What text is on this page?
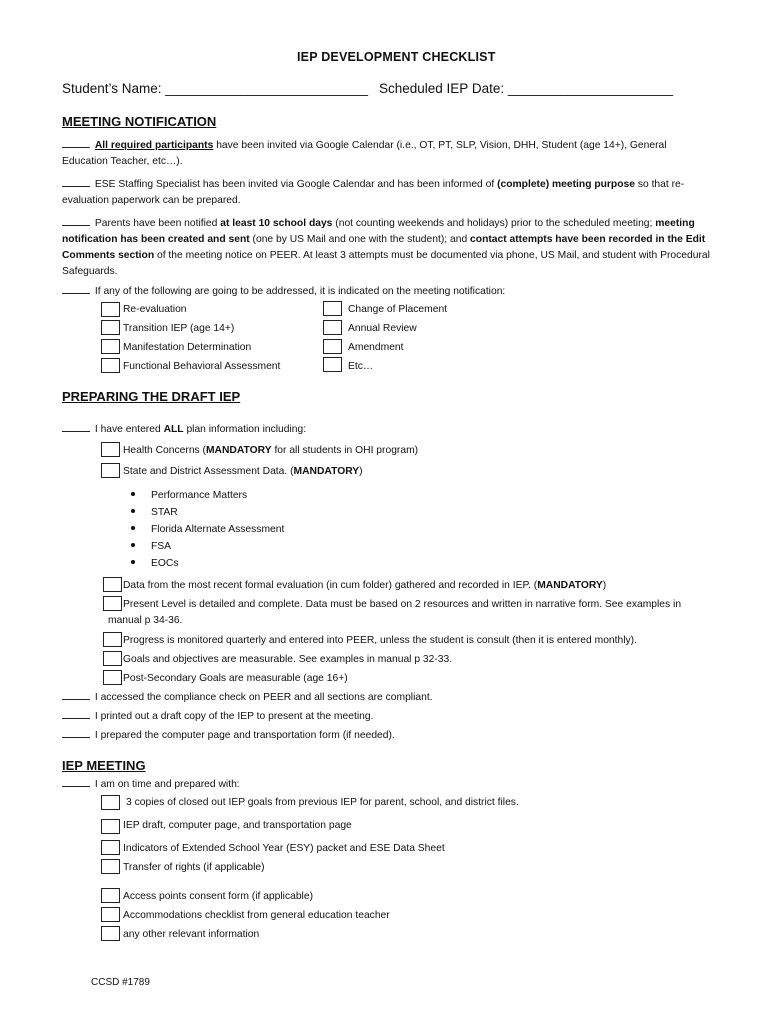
IEP DEVELOPMENT CHECKLIST
Student’s Name: ___________________________ Scheduled IEP Date: ______________________
MEETING NOTIFICATION
All required participants have been invited via Google Calendar (i.e., OT, PT, SLP, Vision, DHH, Student (age 14+), General Education Teacher, etc…).
ESE Staffing Specialist has been invited via Google Calendar and has been informed of (complete) meeting purpose so that re-evaluation paperwork can be prepared.
Parents have been notified at least 10 school days (not counting weekends and holidays) prior to the scheduled meeting; meeting notification has been created and sent (one by US Mail and one with the student); and contact attempts have been recorded in the Edit Comments section of the meeting notice on PEER. At least 3 attempts must be documented via phone, US Mail, and student with Procedural Safeguards.
If any of the following are going to be addressed, it is indicated on the meeting notification:
Re-evaluation
Transition IEP (age 14+)
Manifestation Determination
Functional Behavioral Assessment
Change of Placement
Annual Review
Amendment
Etc…
PREPARING THE DRAFT IEP
I have entered ALL plan information including:
Health Concerns (MANDATORY for all students in OHI program)
State and District Assessment Data. (MANDATORY)
Performance Matters
STAR
Florida Alternate Assessment
FSA
EOCs
Data from the most recent formal evaluation (in cum folder) gathered and recorded in IEP. (MANDATORY)
Present Level is detailed and complete. Data must be based on 2 resources and written in narrative form. See examples in
manual p 34-36.
Progress is monitored quarterly and entered into PEER, unless the student is consult (then it is entered monthly).
Goals and objectives are measurable. See examples in manual p 32-33.
Post-Secondary Goals are measurable (age 16+)
I accessed the compliance check on PEER and all sections are compliant.
I printed out a draft copy of the IEP to present at the meeting.
I prepared the computer page and transportation form (if needed).
IEP MEETING
I am on time and prepared with:
3 copies of closed out IEP goals from previous IEP for parent, school, and district files.
IEP draft, computer page, and transportation page
Indicators of Extended School Year (ESY) packet and ESE Data Sheet
Transfer of rights (if applicable)
Access points consent form (if applicable)
Accommodations checklist from general education teacher
any other relevant information
CCSD #1789
